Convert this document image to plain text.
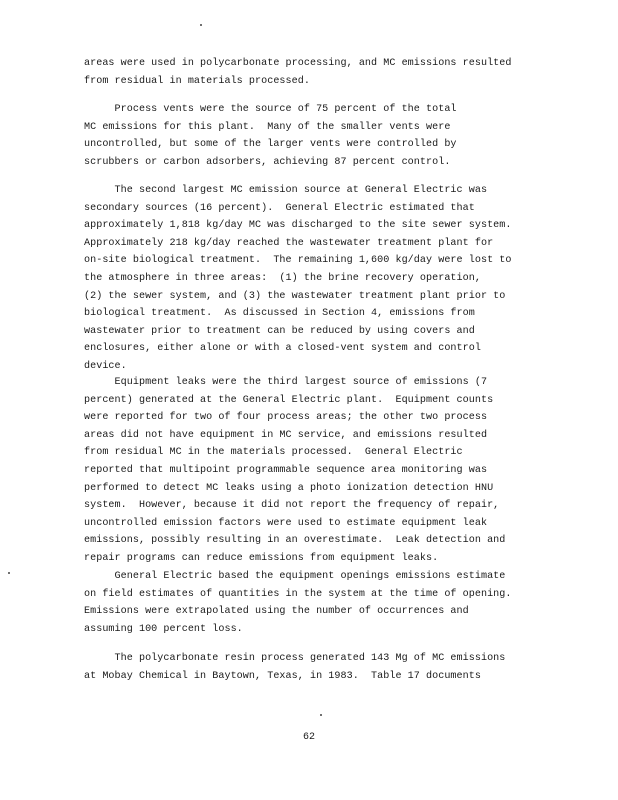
areas were used in polycarbonate processing, and MC emissions resulted
from residual in materials processed.
Process vents were the source of 75 percent of the total
MC emissions for this plant.  Many of the smaller vents were
uncontrolled, but some of the larger vents were controlled by
scrubbers or carbon adsorbers, achieving 87 percent control.
The second largest MC emission source at General Electric was
secondary sources (16 percent).  General Electric estimated that
approximately 1,818 kg/day MC was discharged to the site sewer system.
Approximately 218 kg/day reached the wastewater treatment plant for
on-site biological treatment.  The remaining 1,600 kg/day were lost to
the atmosphere in three areas:  (1) the brine recovery operation,
(2) the sewer system, and (3) the wastewater treatment plant prior to
biological treatment.  As discussed in Section 4, emissions from
wastewater prior to treatment can be reduced by using covers and
enclosures, either alone or with a closed-vent system and control
device.
Equipment leaks were the third largest source of emissions (7
percent) generated at the General Electric plant.  Equipment counts
were reported for two of four process areas; the other two process
areas did not have equipment in MC service, and emissions resulted
from residual MC in the materials processed.  General Electric
reported that multipoint programmable sequence area monitoring was
performed to detect MC leaks using a photo ionization detection HNU
system.  However, because it did not report the frequency of repair,
uncontrolled emission factors were used to estimate equipment leak
emissions, possibly resulting in an overestimate.  Leak detection and
repair programs can reduce emissions from equipment leaks.
General Electric based the equipment openings emissions estimate
on field estimates of quantities in the system at the time of opening.
Emissions were extrapolated using the number of occurrences and
assuming 100 percent loss.
The polycarbonate resin process generated 143 Mg of MC emissions
at Mobay Chemical in Baytown, Texas, in 1983.  Table 17 documents
62
